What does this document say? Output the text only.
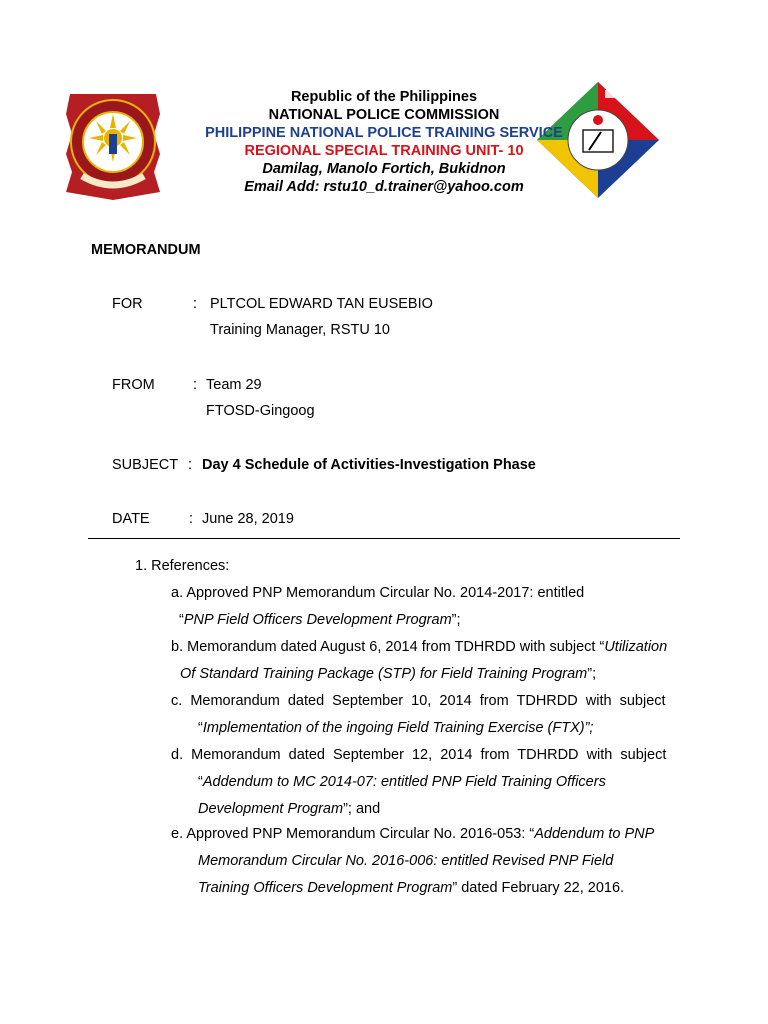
Republic of the Philippines
NATIONAL POLICE COMMISSION
PHILIPPINE NATIONAL POLICE TRAINING SERVICE
REGIONAL SPECIAL TRAINING UNIT- 10
Damilag, Manolo Fortich, Bukidnon
Email Add: rstu10_d.trainer@yahoo.com
MEMORANDUM
FOR	: PLTCOL EDWARD TAN EUSEBIO
Training Manager, RSTU 10
FROM	: Team 29
FTOSD-Gingoog
SUBJECT : Day 4 Schedule of Activities-Investigation Phase
DATE	: June 28, 2019
1. References:
a. Approved PNP Memorandum Circular No. 2014-2017: entitled
“PNP Field Officers Development Program”;
b. Memorandum dated August 6, 2014 from TDHRDD with subject “Utilization
Of Standard Training Package (STP) for Field Training Program”;
c.  Memorandum  dated  September  10,  2014  from  TDHRDD  with  subject
“Implementation of the ingoing Field Training Exercise (FTX)”;
d.  Memorandum  dated  September  12,  2014  from  TDHRDD  with  subject
“Addendum to MC 2014-07: entitled PNP Field Training Officers
Development Program”; and
e. Approved PNP Memorandum Circular No. 2016-053: “Addendum to PNP
Memorandum Circular No. 2016-006: entitled Revised PNP Field
Training Officers Development Program” dated February 22, 2016.
